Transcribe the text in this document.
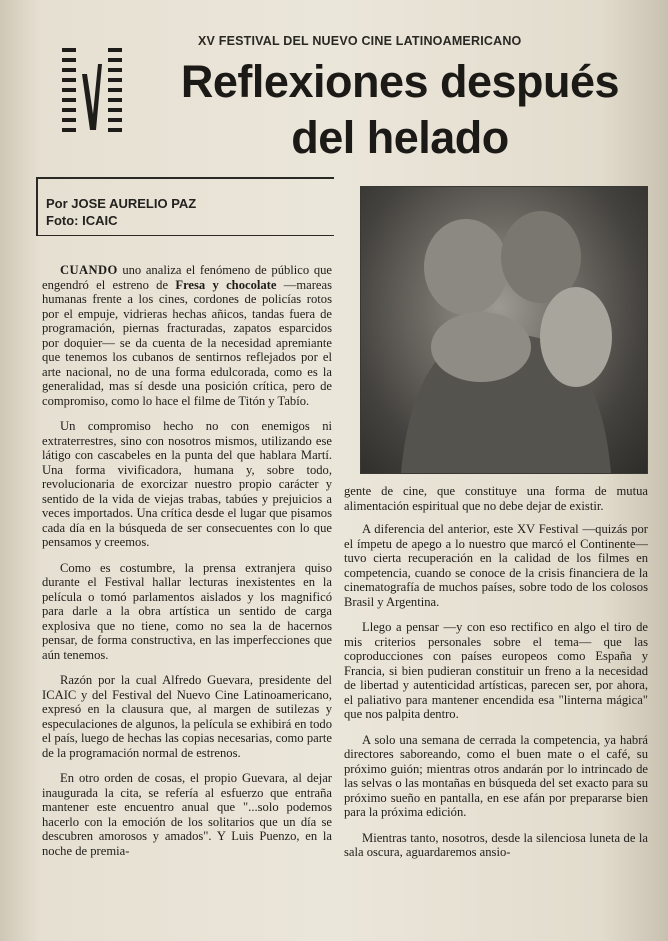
XV FESTIVAL DEL NUEVO CINE LATINOAMERICANO
Reflexiones después
del helado
Por JOSE AURELIO PAZ
Foto: ICAIC

CUANDO uno analiza el fenómeno de público que engendró el estreno de Fresa y chocolate —mareas humanas frente a los cines, cordones de policías rotos por el empuje, vidrieras hechas añicos, tandas fuera de programación, piernas fracturadas, zapatos esparcidos por doquier— se da cuenta de la necesidad apremiante que tenemos los cubanos de sentirnos reflejados por el arte nacional, no de una forma edulcorada, como es la generalidad, mas sí desde una posición crítica, pero de compromiso, como lo hace el filme de Titón y Tabío.

Un compromiso hecho no con enemigos ni extraterrestres, sino con nosotros mismos, utilizando ese látigo con cascabeles en la punta del que hablara Martí. Una forma vivificadora, humana y, sobre todo, revolucionaria de exorcizar nuestro propio carácter y sentido de la vida de viejas trabas, tabúes y prejuicios a veces importados. Una crítica desde el lugar que pisamos cada día en la búsqueda de ser consecuentes con lo que pensamos y creemos.

Como es costumbre, la prensa extranjera quiso durante el Festival hallar lecturas inexistentes en la película o tomó parlamentos aislados y los magnificó para darle a la obra artística un sentido de carga explosiva que no tiene, como no sea la de hacernos pensar, de forma constructiva, en las imperfecciones que aún tenemos.

Razón por la cual Alfredo Guevara, presidente del ICAIC y del Festival del Nuevo Cine Latinoamericano, expresó en la clausura que, al margen de sutilezas y especulaciones de algunos, la película se exhibirá en todo el país, luego de hechas las copias necesarias, como parte de la programación normal de estrenos.

En otro orden de cosas, el propio Guevara, al dejar inaugurada la cita, se refería al esfuerzo que entraña mantener este encuentro anual que "...solo podemos hacerlo con la emoción de los solitarios que un día se descubren amorosos y amados". Y Luis Puenzo, en la noche de premia-

gente de cine, que constituye una forma de mutua alimentación espiritual que no debe dejar de existir.

A diferencia del anterior, este XV Festival —quizás por el ímpetu de apego a lo nuestro que marcó el Continente— tuvo cierta recuperación en la calidad de los filmes en competencia, cuando se conoce de la crisis financiera de la cinematografía de muchos países, sobre todo de los colosos Brasil y Argentina.

Llego a pensar —y con eso rectifico en algo el tiro de mis criterios personales sobre el tema— que las coproducciones con países europeos como España y Francia, si bien pudieran constituir un freno a la necesidad de libertad y autenticidad artísticas, parecen ser, por ahora, el paliativo para mantener encendida esa "linterna mágica" que nos palpita dentro.

A solo una semana de cerrada la competencia, ya habrá directores saboreando, como el buen mate o el café, su próximo guión; mientras otros andarán por lo intrincado de las selvas o las montañas en búsqueda del set exacto para su próximo sueño en pantalla, en ese afán por prepararse bien para la próxima edición.

Mientras tanto, nosotros, desde la silenciosa luneta de la sala oscura, aguardaremos ansio-
